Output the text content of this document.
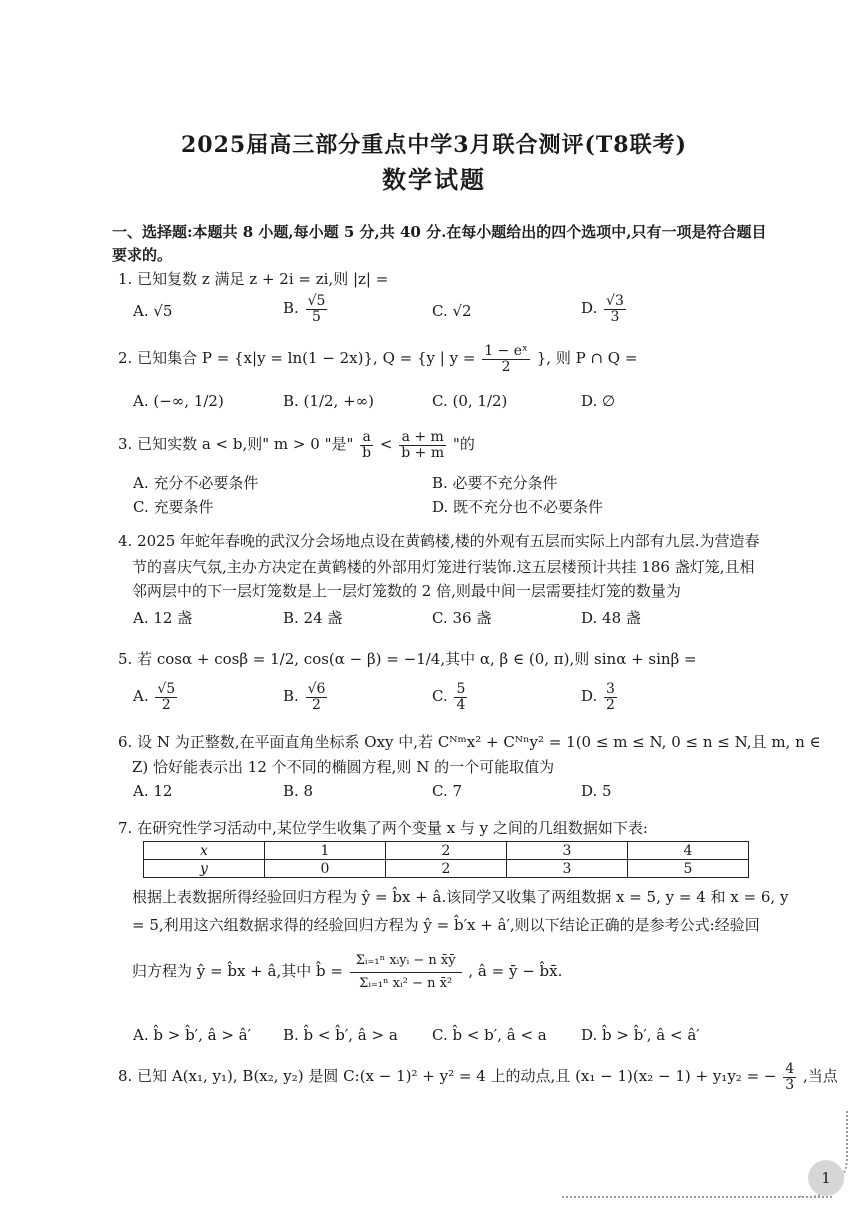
2025届高三部分重点中学3月联合测评(T8联考)
数学试题
一、选择题:本题共 8 小题,每小题 5 分,共 40 分.在每小题给出的四个选项中,只有一项是符合题目
要求的。
1. 已知复数 z 满足 z + 2i = zi,则 |z| =
A. √5	B. $\frac{√5}{5}$	C. √2	D. $\frac{√3}{3}$
2. 已知集合 P = {x|y = ln(1 − 2x)}, Q = {y | $y = \frac{\text{1 − eˣ}}{2}$ }, 则 P ∩ Q =
A. (−∞, 1/2)	B. (1/2, +∞)	C. (0, 1/2)	D. ∅
3. 已知实数 a < b,则" m > 0 "是" $\frac{a}{b} < \frac{a + m}{b + m}$ "的
A. 充分不必要条件	B. 必要不充分条件
C. 充要条件	D. 既不充分也不必要条件
4. 2025 年蛇年春晚的武汉分会场地点设在黄鹤楼,楼的外观有五层而实际上内部有九层.为营造春
节的喜庆气氛,主办方决定在黄鹤楼的外部用灯笼进行装饰.这五层楼预计共挂 186 盏灯笼,且相
邻两层中的下一层灯笼数是上一层灯笼数的 2 倍,则最中间一层需要挂灯笼的数量为
A. 12 盏	B. 24 盏	C. 36 盏	D. 48 盏
5. 若 cosα + cosβ = 1/2, cos(α − β) = −1/4,其中 α, β ∈ (0, π),则 sinα + sinβ =
A. $\frac{√5}{2}$	B. $\frac{√6}{2}$	C. $\frac{5}{4}$	D. $\frac{3}{2}$
6. 设 N 为正整数,在平面直角坐标系 Oxy 中,若 Cᴺᵐx² + Cᴺⁿy² = 1(0 ≤ m ≤ N, 0 ≤ n ≤ N,且 m, n ∈
Z) 恰好能表示出 12 个不同的椭圆方程,则 N 的一个可能取值为
A. 12	B. 8	C. 7	D. 5
7. 在研究性学习活动中,某位学生收集了两个变量 x 与 y 之间的几组数据如下表:
x	1	2	3	4
y	0	2	3	5
根据上表数据所得经验回归方程为 ŷ = b̂x + â.该同学又收集了两组数据 x = 5, y = 4 和 x = 6, y
= 5,利用这六组数据求得的经验回归方程为 ŷ = b̂′x + â′,则以下结论正确的是参考公式:经验回
归方程为 ŷ = b̂x + â,其中 b̂ = $\frac{\text{Σᵢ₌₁ⁿ xᵢyᵢ − n x̄ȳ}}{\text{Σᵢ₌₁ⁿ xᵢ² − n x̄²}}$ , â = ȳ − b̂x̄.
A. b̂ > b̂′, â > â′ B. b̂ < b̂′, â > a C. b̂ < b′, â < a D. b̂ > b̂′, â < â′
8. 已知 A(x₁, y₁), B(x₂, y₂) 是圆 C:(x − 1)² + y² = 4 上的动点,且 (x₁ − 1)(x₂ − 1) + y₁y₂ = − $\frac{4}{3}$ ,当点
1
